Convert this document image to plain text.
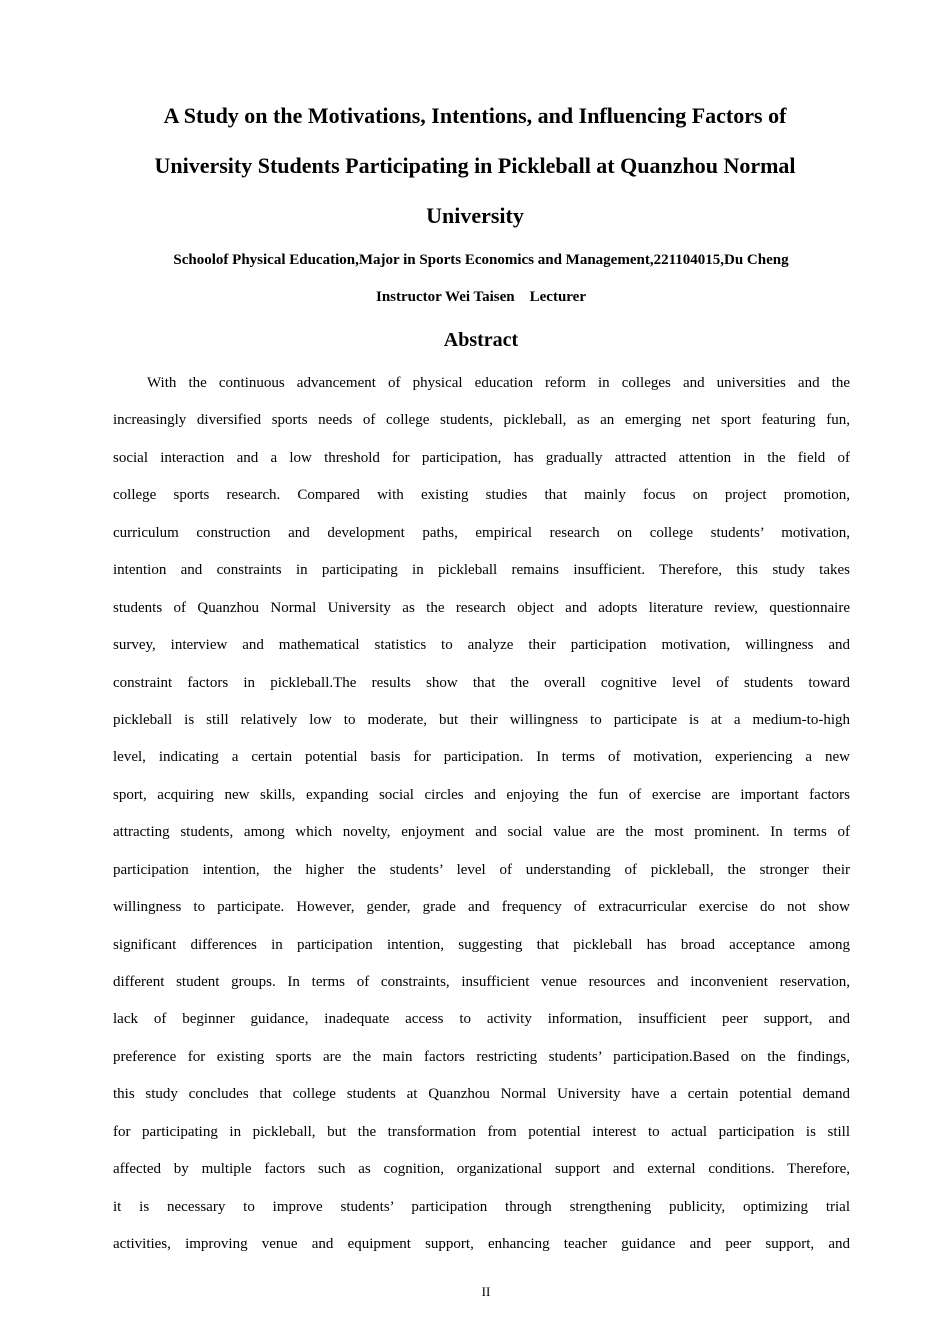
A Study on the Motivations, Intentions, and Influencing Factors of
University Students Participating in Pickleball at Quanzhou Normal
University
Schoolof Physical Education,Major in Sports Economics and Management,221104015,Du Cheng
Instructor Wei Taisen　Lecturer
Abstract
With the continuous advancement of physical education reform in colleges and universities and the
increasingly diversified sports needs of college students, pickleball, as an emerging net sport featuring fun,
social interaction and a low threshold for participation, has gradually attracted attention in the field of
college sports research. Compared with existing studies that mainly focus on project promotion,
curriculum construction and development paths, empirical research on college students’ motivation,
intention and constraints in participating in pickleball remains insufficient. Therefore, this study takes
students of Quanzhou Normal University as the research object and adopts literature review, questionnaire
survey, interview and mathematical statistics to analyze their participation motivation, willingness and
constraint factors in pickleball.The results show that the overall cognitive level of students toward
pickleball is still relatively low to moderate, but their willingness to participate is at a medium-to-high
level, indicating a certain potential basis for participation. In terms of motivation, experiencing a new
sport, acquiring new skills, expanding social circles and enjoying the fun of exercise are important factors
attracting students, among which novelty, enjoyment and social value are the most prominent. In terms of
participation intention, the higher the students’ level of understanding of pickleball, the stronger their
willingness to participate. However, gender, grade and frequency of extracurricular exercise do not show
significant differences in participation intention, suggesting that pickleball has broad acceptance among
different student groups. In terms of constraints, insufficient venue resources and inconvenient reservation,
lack of beginner guidance, inadequate access to activity information, insufficient peer support, and
preference for existing sports are the main factors restricting students’ participation.Based on the findings,
this study concludes that college students at Quanzhou Normal University have a certain potential demand
for participating in pickleball, but the transformation from potential interest to actual participation is still
affected by multiple factors such as cognition, organizational support and external conditions. Therefore,
it is necessary to improve students’ participation through strengthening publicity, optimizing trial
activities, improving venue and equipment support, enhancing teacher guidance and peer support, and
II
